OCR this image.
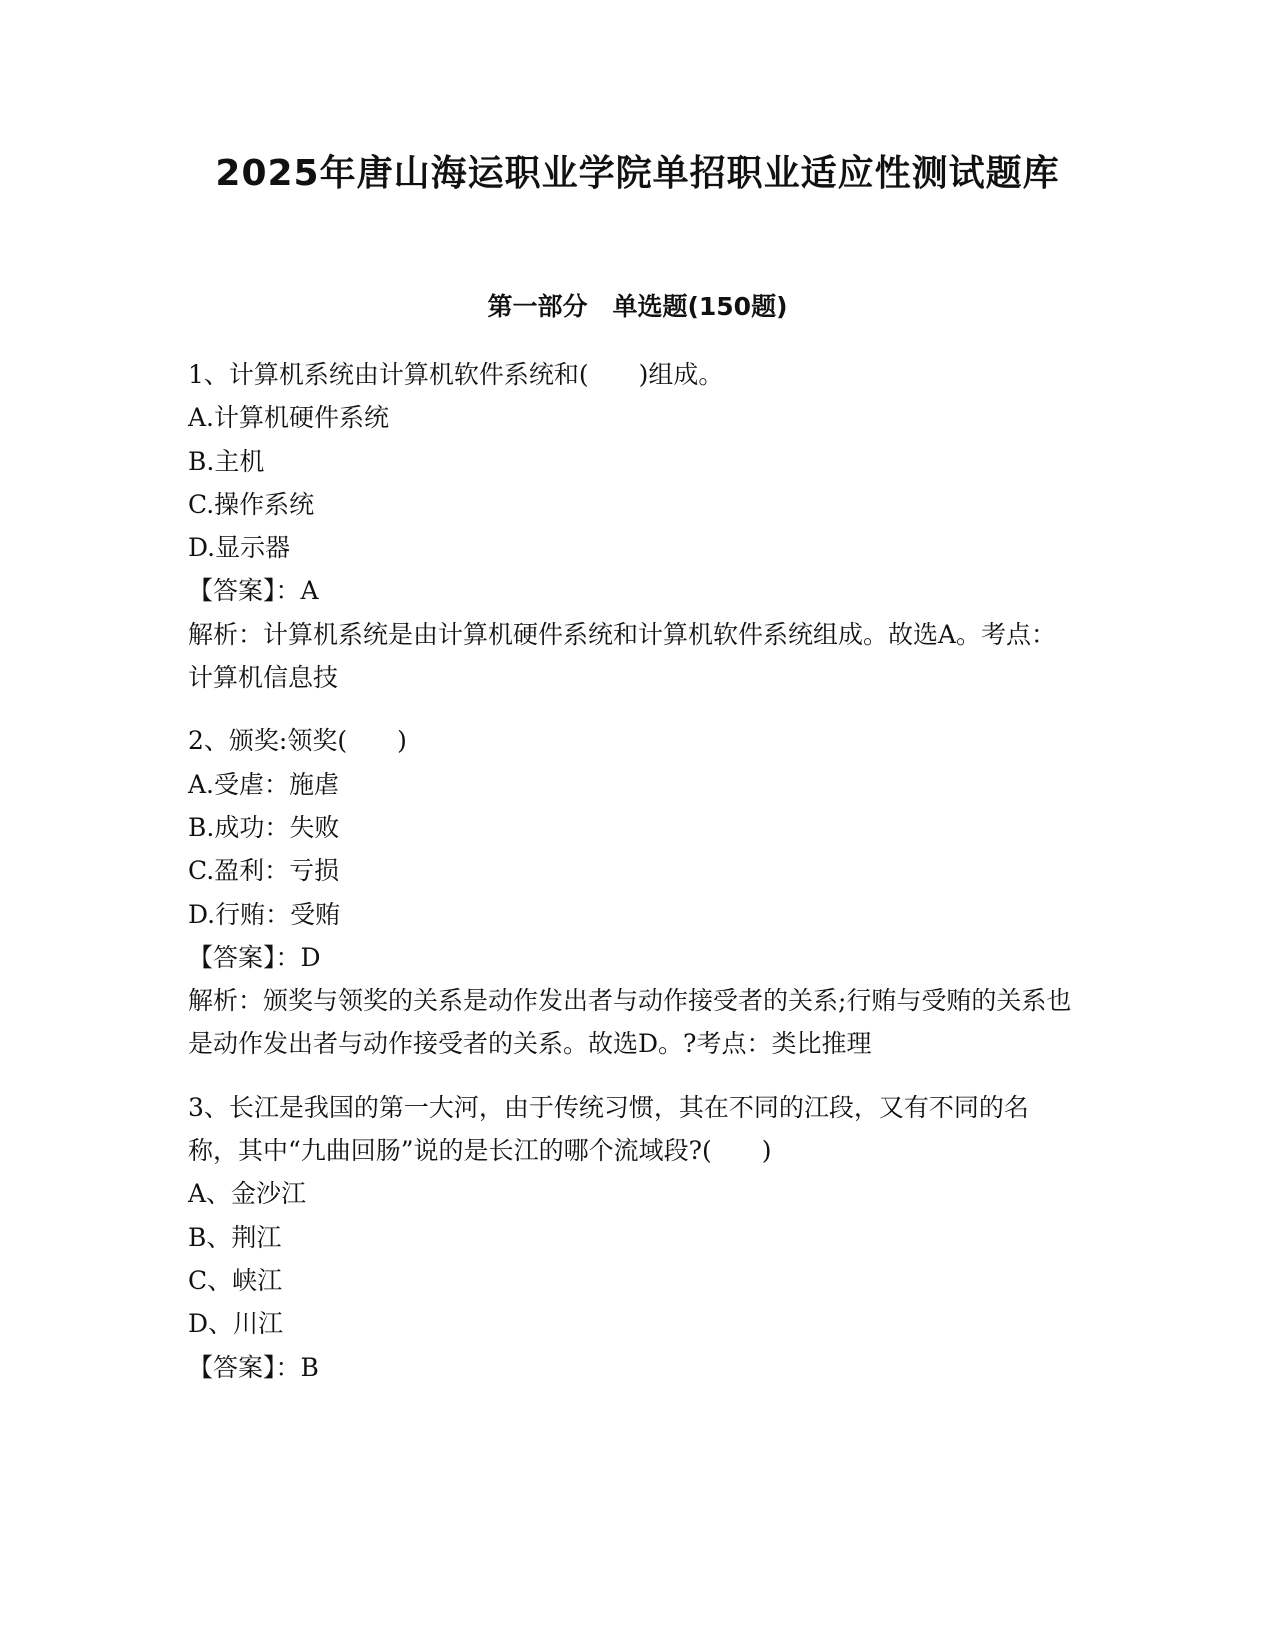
2025年唐山海运职业学院单招职业适应性测试题库
第一部分　单选题(150题)

1、计算机系统由计算机软件系统和(　　)组成。

A.计算机硬件系统

B.主机

C.操作系统

D.显示器

【答案】：A

解析：计算机系统是由计算机硬件系统和计算机软件系统组成。故选A。考点：计算机信息技

2、颁奖:领奖(　　)

A.受虐：施虐

B.成功：失败

C.盈利：亏损

D.行贿：受贿

【答案】：D

解析：颁奖与领奖的关系是动作发出者与动作接受者的关系;行贿与受贿的关系也是动作发出者与动作接受者的关系。故选D。?考点：类比推理

3、长江是我国的第一大河，由于传统习惯，其在不同的江段，又有不同的名称，其中“九曲回肠”说的是长江的哪个流域段?(　　)

A、金沙江

B、荆江

C、峡江

D、川江

【答案】：B
